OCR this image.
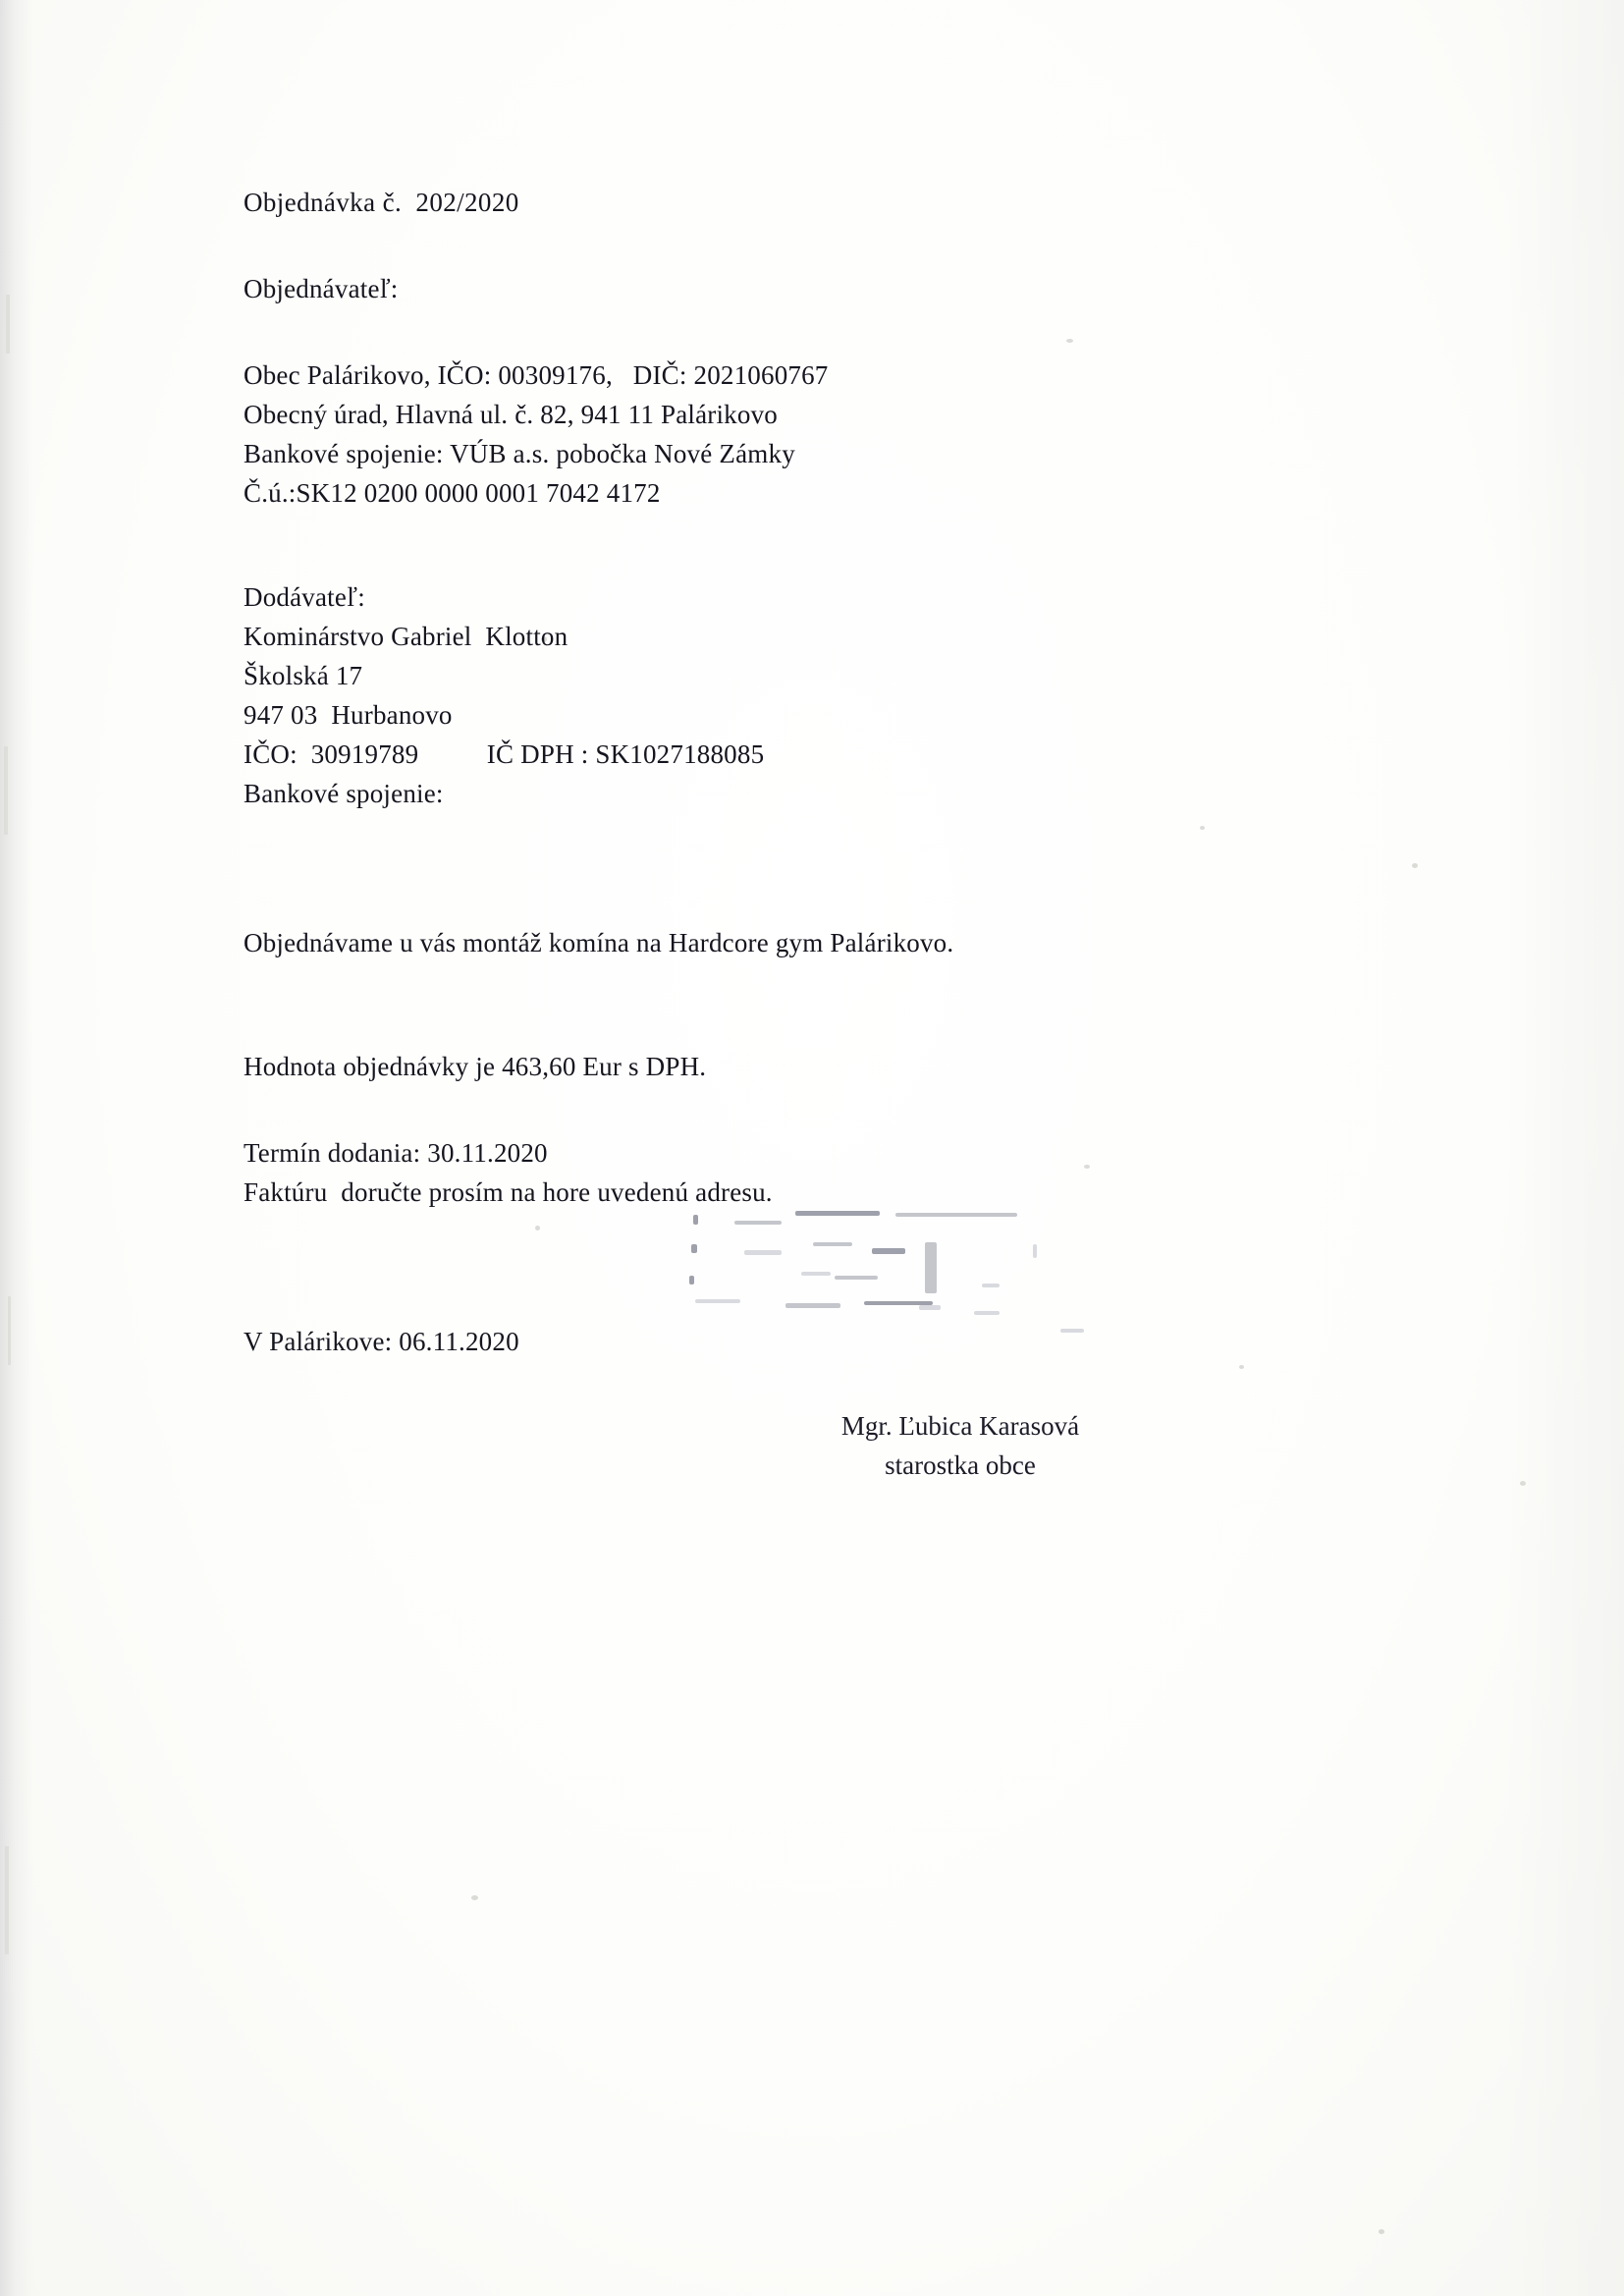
Objednávka č.  202/2020

Objednávateľ:

Obec Palárikovo, IČO: 00309176,   DIČ: 2021060767

Obecný úrad, Hlavná ul. č. 82, 941 11 Palárikovo

Bankové spojenie: VÚB a.s. pobočka Nové Zámky

Č.ú.:SK12 0200 0000 0001 7042 4172

Dodávateľ:

Kominárstvo Gabriel  Klotton

Školská 17

947 03  Hurbanovo

IČO:  30919789          IČ DPH : SK1027188085

Bankové spojenie:

Objednávame u vás montáž komína na Hardcore gym Palárikovo.

Hodnota objednávky je 463,60 Eur s DPH.

Termín dodania: 30.11.2020

Faktúru  doručte prosím na hore uvedenú adresu.

V Palárikove: 06.11.2020

Mgr. Ľubica Karasová
starostka obce
